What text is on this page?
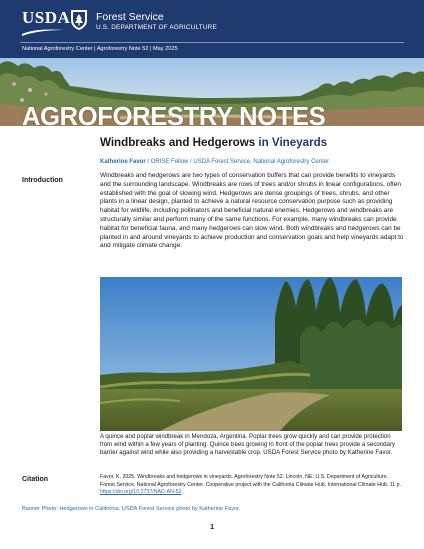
USDA Forest Service
U.S. DEPARTMENT OF AGRICULTURE
National Agroforestry Center | Agroforestry Note 52 | May 2025
AGROFORESTRY NOTES
Windbreaks and Hedgerows in Vineyards
Katherine Favor / ORISE Fellow / USDA Forest Service, National Agroforestry Center
Introduction

Windbreaks and hedgerows are two types of conservation buffers that can provide benefits to vineyards and the surrounding landscape. Windbreaks are rows of trees and/or shrubs in linear configurations, often established with the goal of slowing wind. Hedgerows are dense groupings of trees, shrubs, and other plants in a linear design, planted to achieve a natural resource conservation purpose such as providing habitat for wildlife, including pollinators and beneficial natural enemies. Hedgerows and windbreaks are structurally similar and perform many of the same functions. For example, many windbreaks can provide habitat for beneficial fauna, and many hedgerows can slow wind. Both windbreaks and hedgerows can be planted in and around vineyards to achieve production and conservation goals and help vineyards adapt to and mitigate climate change.

A quince and poplar windbreak in Mendoza, Argentina. Poplar trees grow quickly and can provide protection from wind within a few years of planting. Quince trees growing in front of the poplar trees provide a secondary barrier against wind while also providing a harvestable crop. USDA Forest Service photo by Katherine Favor.

Citation	Favor, K. 2025. Windbreaks and hedgerows in vineyards. Agroforestry Note 52. Lincoln, NE: U.S. Department of Agriculture, Forest Service, National Agroforestry Center. Cooperative project with the California Climate Hub, International Climate Hub. 11 p. https://doi.org/10.2737/NAC-AN-52.

Banner Photo: Hedgerows in California. USDA Forest Service photo by Katherine Favor.
1
